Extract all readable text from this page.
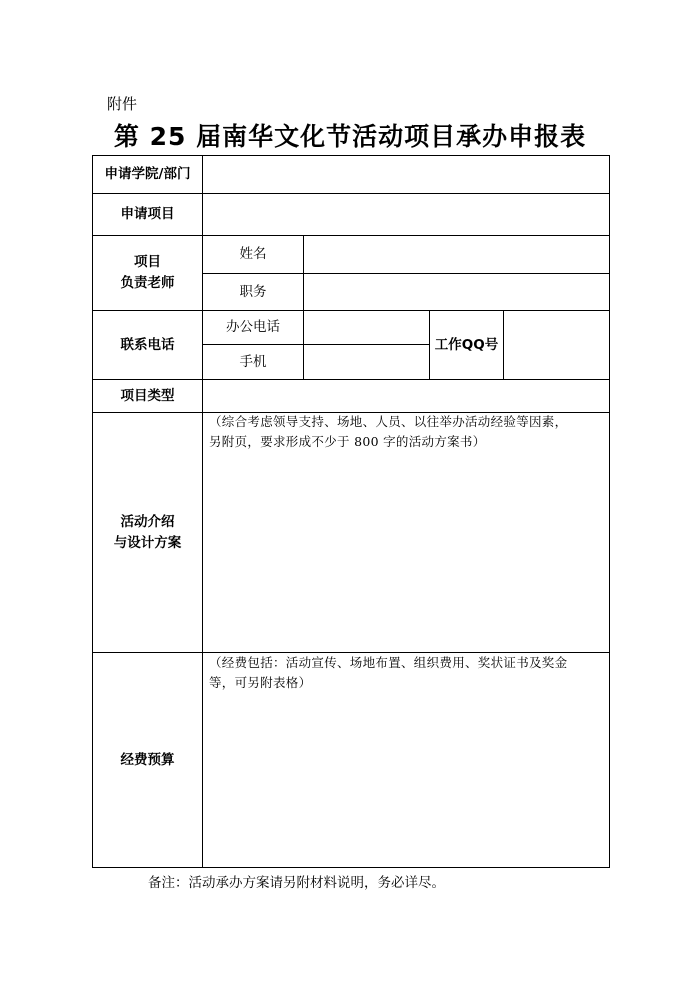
附件
第 25 届南华文化节活动项目承办申报表
申请学院/部门
申请项目
项目
负责老师
姓名
职务
联系电话
办公电话
手机
工作QQ号
项目类型
活动介绍
与设计方案
（综合考虑领导支持、场地、人员、以往举办活动经验等因素，
另附页，要求形成不少于 800 字的活动方案书）
经费预算
（经费包括：活动宣传、场地布置、组织费用、奖状证书及奖金
等，可另附表格）
备注：活动承办方案请另附材料说明，务必详尽。
